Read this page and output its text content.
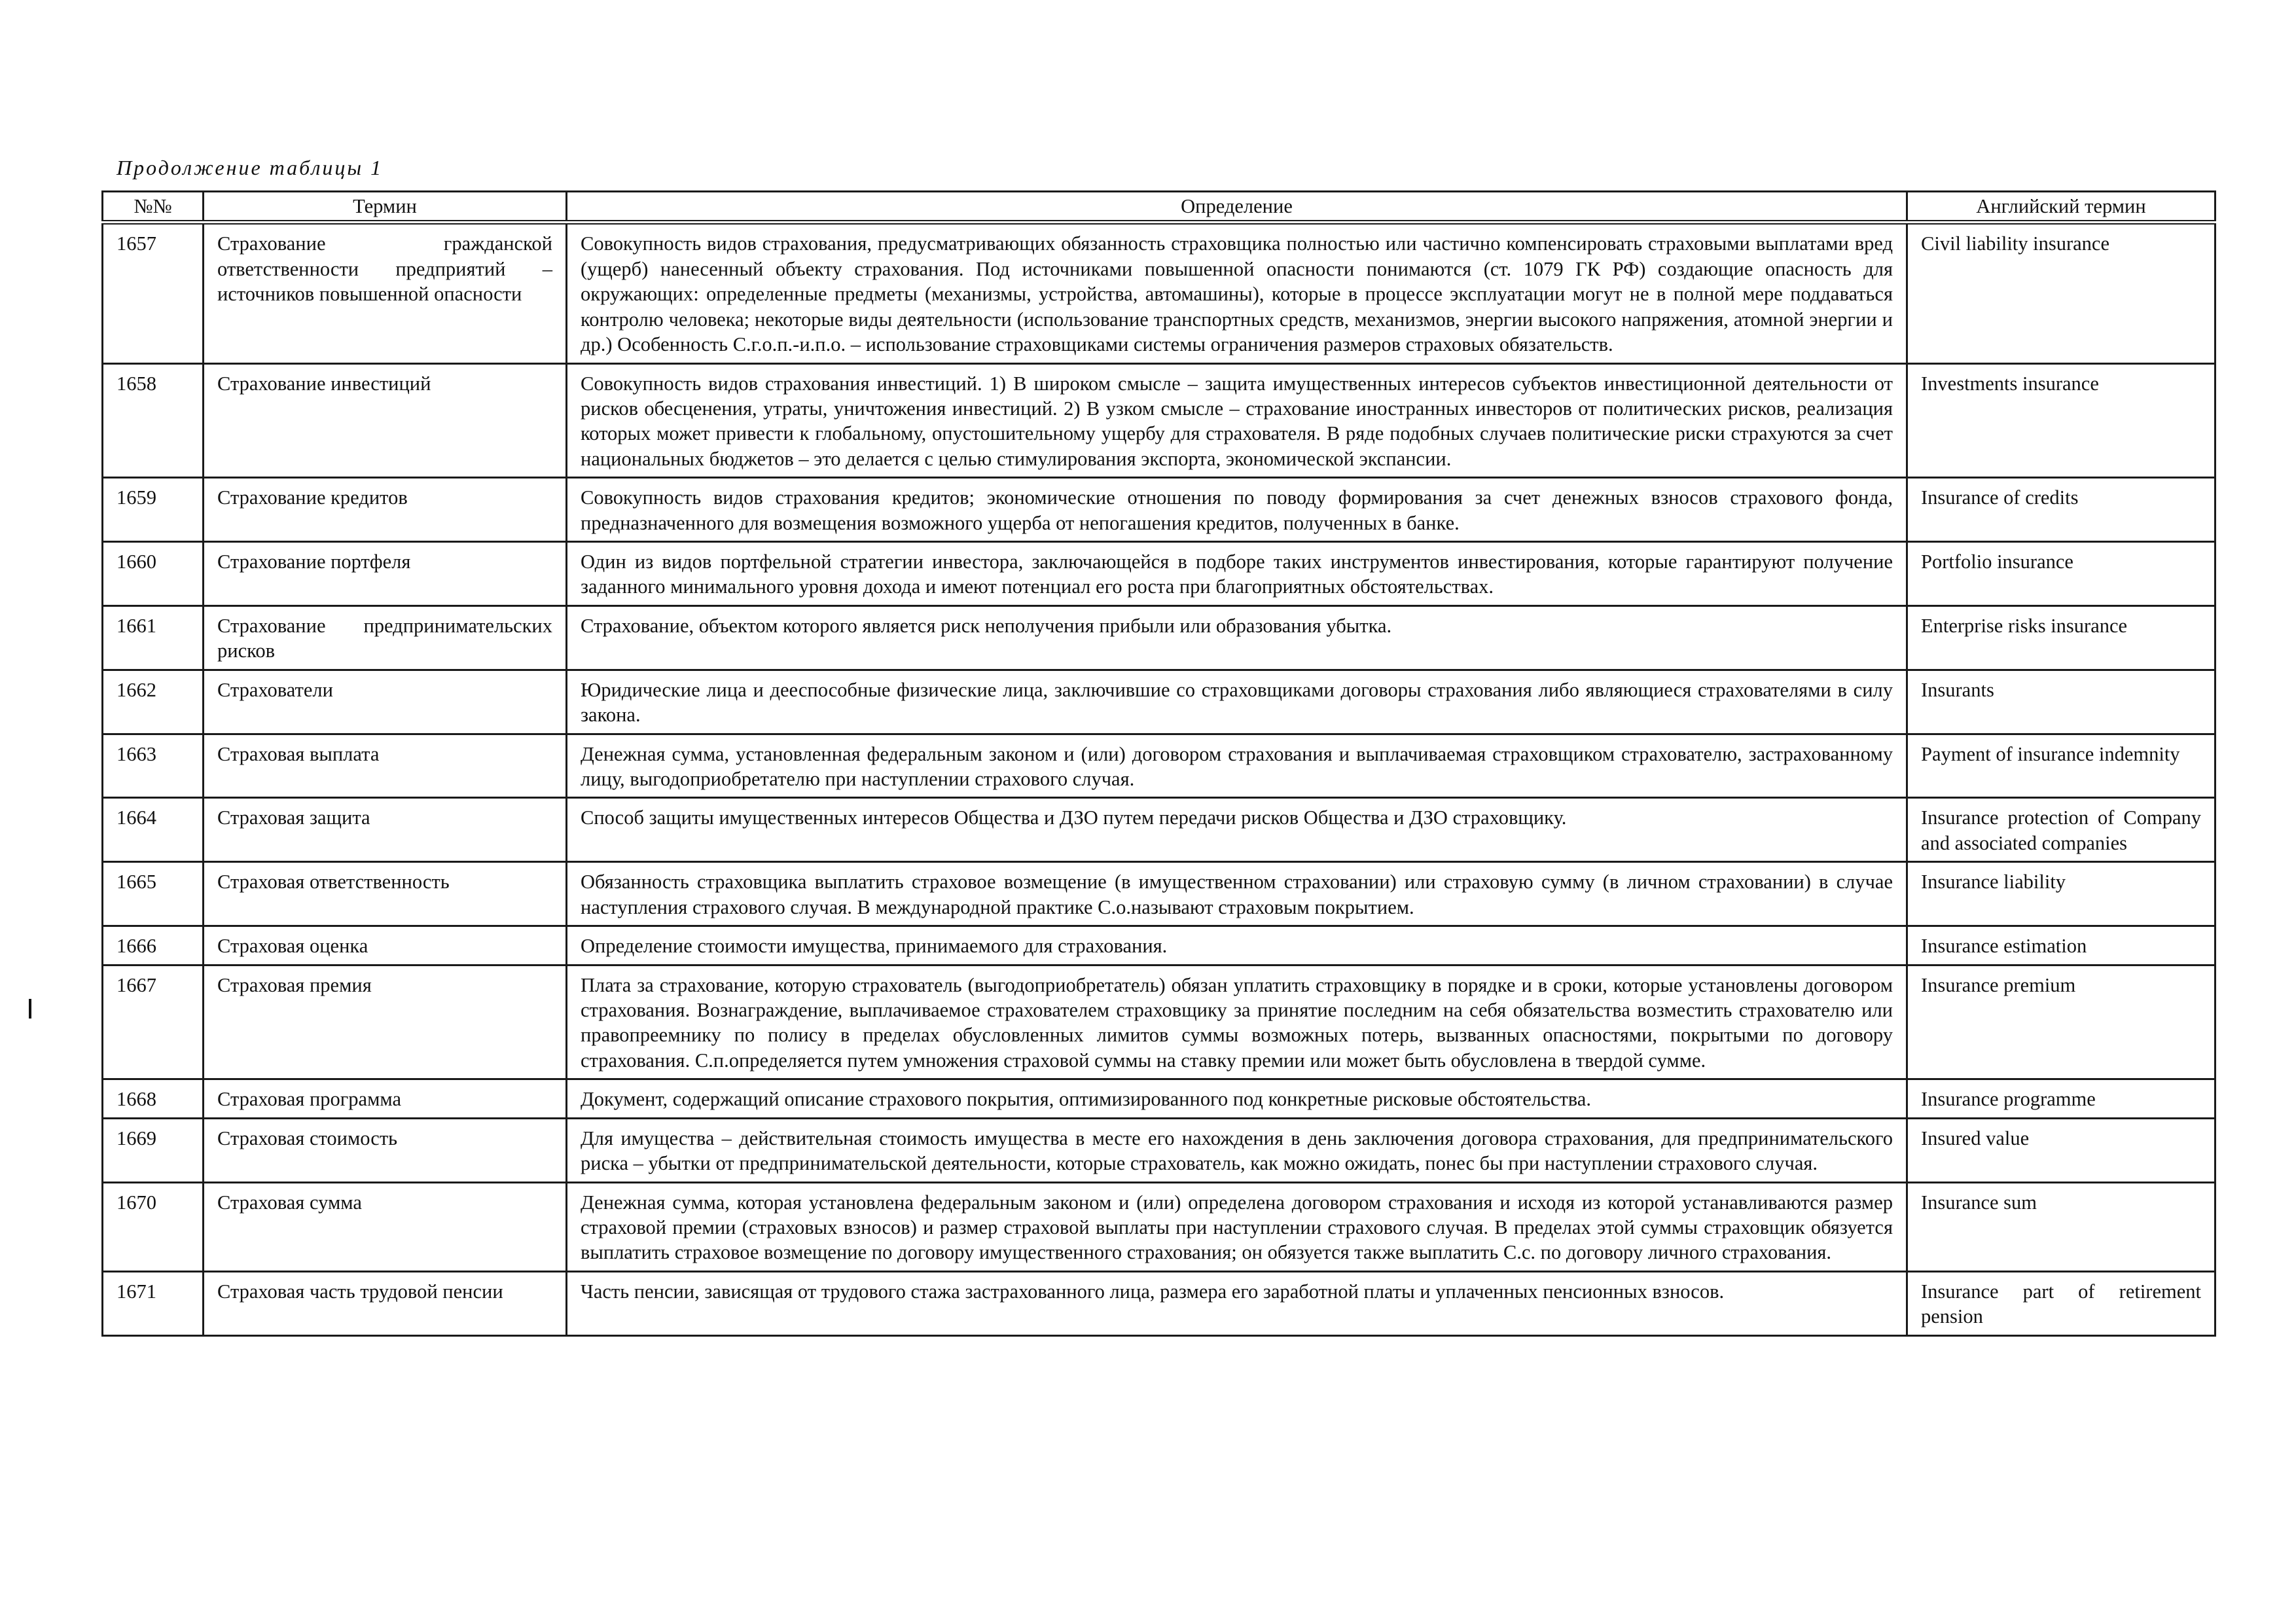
Продолжение таблицы 1
№№	Термин	Определение	Английский термин
1657	Страхование гражданской ответственности предприятий – источников повышенной опасности	Совокупность видов страхования, предусматривающих обязанность страховщика полностью или частично компенсировать страховыми выплатами вред (ущерб) нанесенный объекту страхования. Под источниками повышенной опасности понимаются (ст. 1079 ГК РФ) создающие опасность для окружающих: определенные предметы (механизмы, устройства, автомашины), которые в процессе эксплуатации могут не в полной мере поддаваться контролю человека; некоторые виды деятельности (использование транспортных средств, механизмов, энергии высокого напряжения, атомной энергии и др.) Особенность С.г.о.п.-и.п.о. – использование страховщиками системы ограничения размеров страховых обязательств.	Civil liability insurance
1658	Страхование инвестиций	Совокупность видов страхования инвестиций. 1) В широком смысле – защита имущественных интересов субъектов инвестиционной деятельности от рисков обесценения, утраты, уничтожения инвестиций. 2) В узком смысле – страхование иностранных инвесторов от политических рисков, реализация которых может привести к глобальному, опустошительному ущербу для страхователя. В ряде подобных случаев политические риски страхуются за счет национальных бюджетов – это делается с целью стимулирования экспорта, экономической экспансии.	Investments insurance
1659	Страхование кредитов	Совокупность видов страхования кредитов; экономические отношения по поводу формирования за счет денежных взносов страхового фонда, предназначенного для возмещения возможного ущерба от непогашения кредитов, полученных в банке.	Insurance of credits
1660	Страхование портфеля	Один из видов портфельной стратегии инвестора, заключающейся в подборе таких инструментов инвестирования, которые гарантируют получение заданного минимального уровня дохода и имеют потенциал его роста при благоприятных обстоятельствах.	Portfolio insurance
1661	Страхование предпринимательских рисков	Страхование, объектом которого является риск неполучения прибыли или образования убытка.	Enterprise risks insurance
1662	Страхователи	Юридические лица и дееспособные физические лица, заключившие со страховщиками договоры страхования либо являющиеся страхователями в силу закона.	Insurants
1663	Страховая выплата	Денежная сумма, установленная федеральным законом и (или) договором страхования и выплачиваемая страховщиком страхователю, застрахованному лицу, выгодоприобретателю при наступлении страхового случая.	Payment of insurance indemnity
1664	Страховая защита	Способ защиты имущественных интересов Общества и ДЗО путем передачи рисков Общества и ДЗО страховщику.	Insurance protection of Company and associated companies
1665	Страховая ответственность	Обязанность страховщика выплатить страховое возмещение (в имущественном страховании) или страховую сумму (в личном страховании) в случае наступления страхового случая. В международной практике С.о.называют страховым покрытием.	Insurance liability
1666	Страховая оценка	Определение стоимости имущества, принимаемого для страхования.	Insurance estimation
1667	Страховая премия	Плата за страхование, которую страхователь (выгодоприобретатель) обязан уплатить страховщику в порядке и в сроки, которые установлены договором страхования. Вознаграждение, выплачиваемое страхователем страховщику за принятие последним на себя обязательства возместить страхователю или правопреемнику по полису в пределах обусловленных лимитов суммы возможных потерь, вызванных опасностями, покрытыми по договору страхования. С.п.определяется путем умножения страховой суммы на ставку премии или может быть обусловлена в твердой сумме.	Insurance premium
1668	Страховая программа	Документ, содержащий описание страхового покрытия, оптимизированного под конкретные рисковые обстоятельства.	Insurance programme
1669	Страховая стоимость	Для имущества – действительная стоимость имущества в месте его нахождения в день заключения договора страхования, для предпринимательского риска – убытки от предпринимательской деятельности, которые страхователь, как можно ожидать, понес бы при наступлении страхового случая.	Insured value
1670	Страховая сумма	Денежная сумма, которая установлена федеральным законом и (или) определена договором страхования и исходя из которой устанавливаются размер страховой премии (страховых взносов) и размер страховой выплаты при наступлении страхового случая. В пределах этой суммы страховщик обязуется выплатить страховое возмещение по договору имущественного страхования; он обязуется также выплатить С.с. по договору личного страхования.	Insurance sum
1671	Страховая часть трудовой пенсии	Часть пенсии, зависящая от трудового стажа застрахованного лица, размера его заработной платы и уплаченных пенсионных взносов.	Insurance part of retirement pension
